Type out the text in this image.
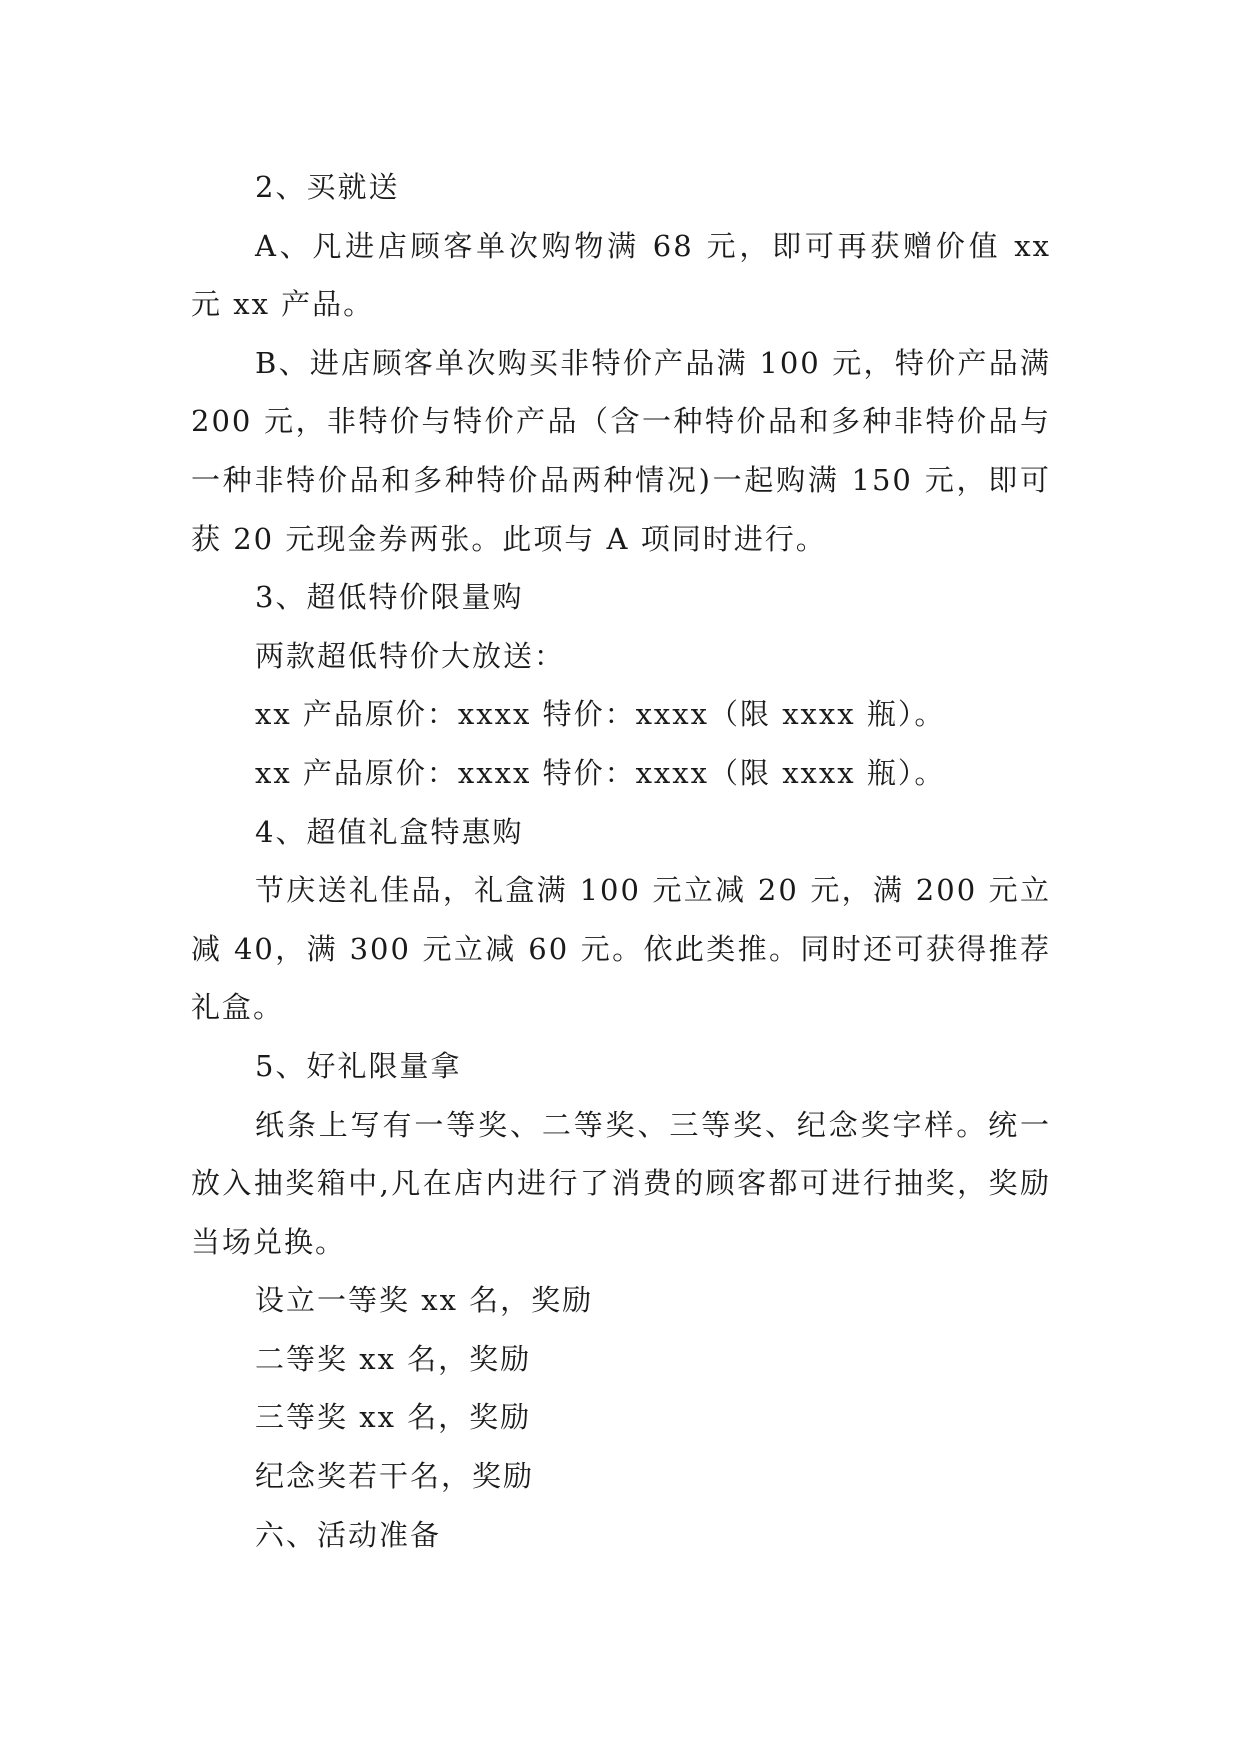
2、买就送

A、凡进店顾客单次购物满 68 元，即可再获赠价值 xx 元 xx 产品。

B、进店顾客单次购买非特价产品满 100 元，特价产品满 200 元，非特价与特价产品（含一种特价品和多种非特价品与一种非特价品和多种特价品两种情况)一起购满 150 元，即可获 20 元现金券两张。此项与 A 项同时进行。

3、超低特价限量购

两款超低特价大放送：

xx 产品原价：xxxx 特价：xxxx（限 xxxx 瓶）。

xx 产品原价：xxxx 特价：xxxx（限 xxxx 瓶）。

4、超值礼盒特惠购

节庆送礼佳品，礼盒满 100 元立减 20 元，满 200 元立减 40，满 300 元立减 60 元。依此类推。同时还可获得推荐礼盒。

5、好礼限量拿

纸条上写有一等奖、二等奖、三等奖、纪念奖字样。统一放入抽奖箱中,凡在店内进行了消费的顾客都可进行抽奖，奖励当场兑换。

设立一等奖 xx 名，奖励

二等奖 xx 名，奖励

三等奖 xx 名，奖励

纪念奖若干名，奖励

六、活动准备
